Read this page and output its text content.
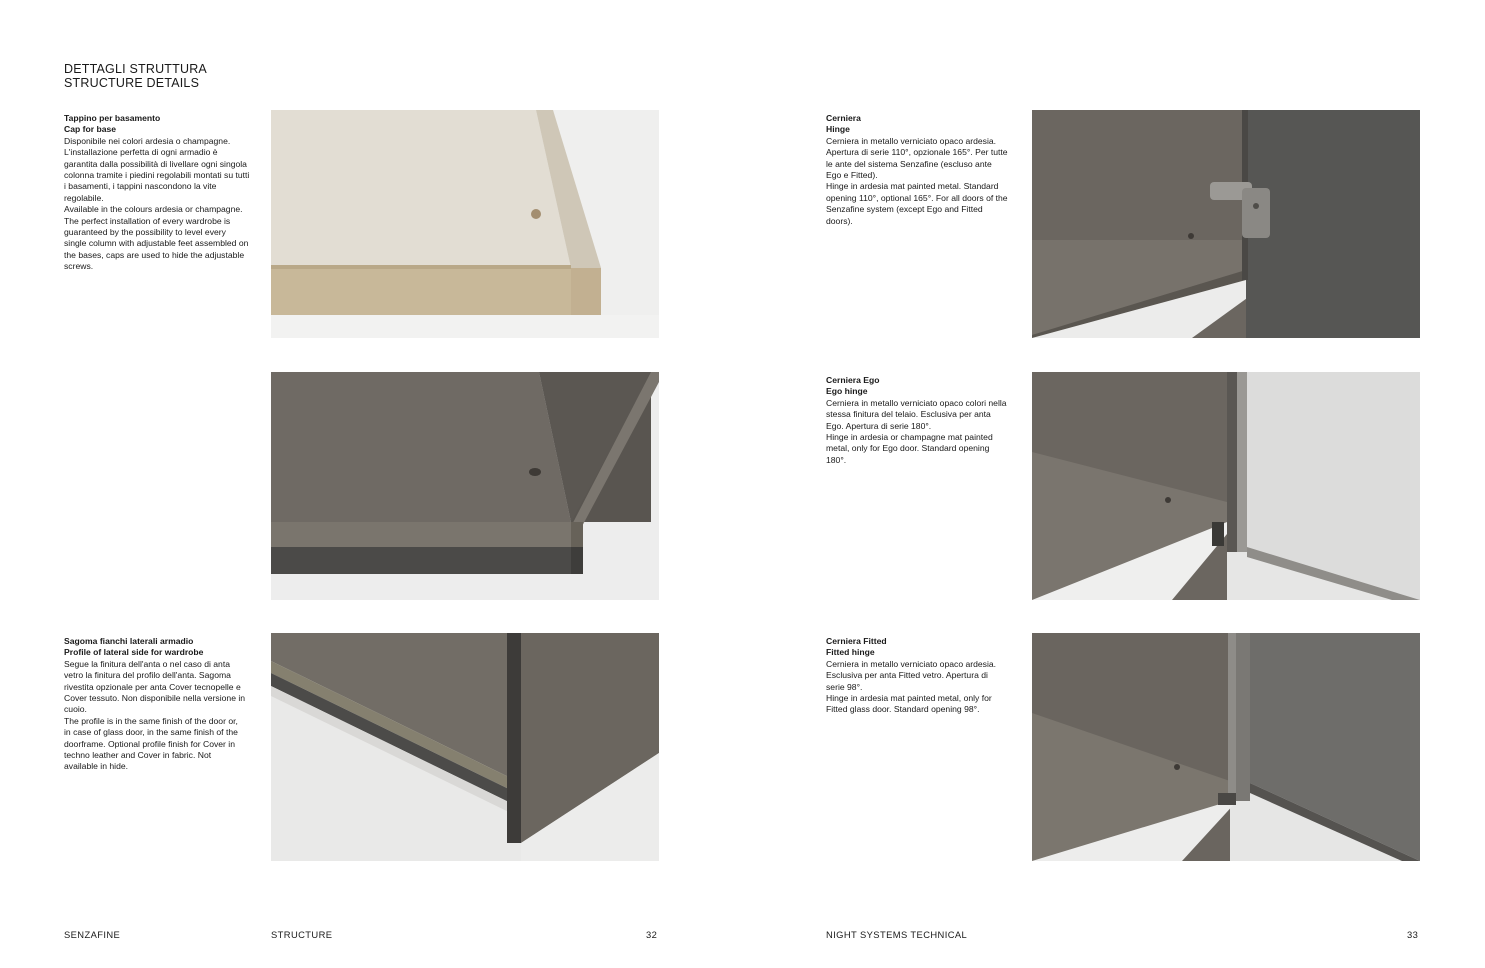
DETTAGLI STRUTTURA
STRUCTURE DETAILS
Tappino per basamento
Cap for base

Disponibile nei colori ardesia o champagne. L'installazione perfetta di ogni armadio è garantita dalla possibilità di livellare ogni singola colonna tramite i piedini regolabili montati su tutti i basamenti, i tappini nascondono la vite regolabile.

Available in the colours ardesia or champagne. The perfect installation of every wardrobe is guaranteed by the possibility to level every single column with adjustable feet assembled on the bases, caps are used to hide the adjustable screws.

Sagoma fianchi laterali armadio
Profile of lateral side for wardrobe

Segue la finitura dell'anta o nel caso di anta vetro la finitura del profilo dell'anta. Sagoma rivestita opzionale per anta Cover tecnopelle e Cover tessuto. Non disponibile nella versione in cuoio.

The profile is in the same finish of the door or, in case of glass door, in the same finish of the doorframe. Optional profile finish for Cover in techno leather and Cover in fabric. Not available in hide.

Cerniera
Hinge

Cerniera in metallo verniciato opaco ardesia. Apertura di serie 110°, opzionale 165°. Per tutte le ante del sistema Senzafine (escluso ante Ego e Fitted).

Hinge in ardesia mat painted metal. Standard opening 110°, optional 165°. For all doors of the Senzafine system (except Ego and Fitted doors).

Cerniera Ego
Ego hinge

Cerniera in metallo verniciato opaco colori nella stessa finitura del telaio. Esclusiva per anta Ego. Apertura di serie 180°.

Hinge in ardesia or champagne mat painted metal, only for Ego door. Standard opening 180°.

Cerniera Fitted
Fitted hinge

Cerniera in metallo verniciato opaco ardesia. Esclusiva per anta Fitted vetro. Apertura di serie 98°.

Hinge in ardesia mat painted metal, only for Fitted glass door. Standard opening 98°.

SENZAFINE	STRUCTURE	32	NIGHT SYSTEMS TECHNICAL	33
